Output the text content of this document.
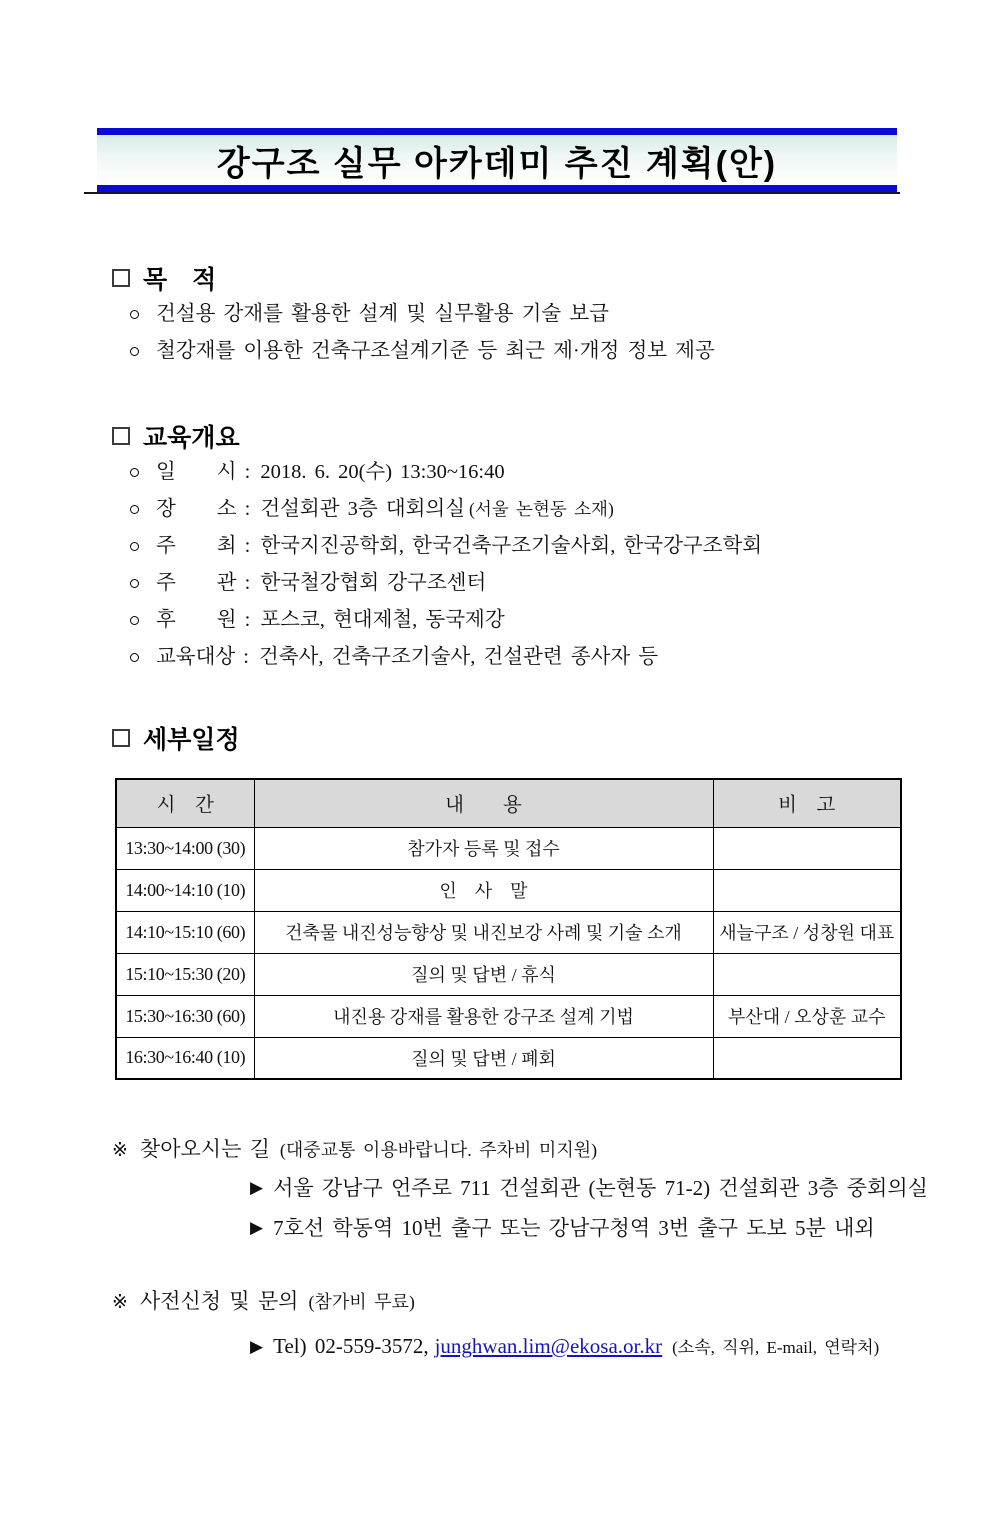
강구조 실무 아카데미 추진 계획(안)
목 적
건설용 강재를 활용한 설계 및 실무활용 기술 보급
철강재를 이용한 건축구조설계기준 등 최근 제·개정 정보 제공
교육개요
일  시 : 2018. 6. 20(수) 13:30~16:40
장  소 : 건설회관 3층 대회의실 (서울 논현동 소재)
주  최 : 한국지진공학회, 한국건축구조기술사회, 한국강구조학회
주  관 : 한국철강협회 강구조센터
후  원 : 포스코, 현대제철, 동국제강
교육대상 : 건축사, 건축구조기술사, 건설관련 종사자 등
세부일정
시 간	내  용	비 고
13:30~14:00 (30)	참가자 등록 및 접수	
14:00~14:10 (10)	인 사 말	
14:10~15:10 (60)	건축물 내진성능향상 및 내진보강 사례 및 기술 소개	새늘구조 / 성창원 대표
15:10~15:30 (20)	질의 및 답변 / 휴식	
15:30~16:30 (60)	내진용 강재를 활용한 강구조 설계 기법	부산대 / 오상훈 교수
16:30~16:40 (10)	질의 및 답변 / 폐회	
※ 찾아오시는 길 (대중교통 이용바랍니다. 주차비 미지원)
▶ 서울 강남구 언주로 711 건설회관 (논현동 71-2) 건설회관 3층 중회의실
▶ 7호선 학동역 10번 출구 또는 강남구청역 3번 출구 도보 5분 내외
※ 사전신청 및 문의 (참가비 무료)
▶ Tel) 02-559-3572, junghwan.lim@ekosa.or.kr (소속, 직위, E-mail, 연락처)
